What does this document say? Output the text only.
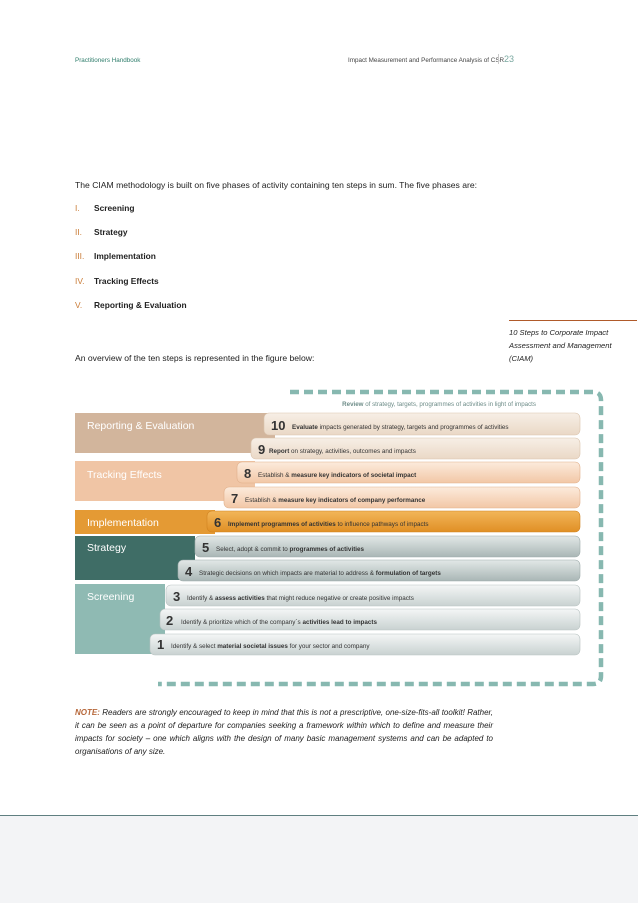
Practitioners Handbook	Impact Measurement and Performance Analysis of CSR 23
The CIAM methodology is built on five phases of activity containing ten steps in sum. The five phases are:
I. Screening
II. Strategy
III. Implementation
IV. Tracking Effects
V. Reporting & Evaluation
10 Steps to Corporate Impact
Assessment and Management
(CIAM)
An overview of the ten steps is represented in the figure below:
Reporting & Evaluation
Tracking Effects
Implementation
Strategy
Screening
Review of strategy, targets, programmes of activities in light of impacts
1 Identify & select material societal issues for your sector and company
2 Identify & prioritize which of the company´s activities lead to impacts
3 Identify & assess activities that might reduce negative or create positive impacts
4 Strategic decisions on which impacts are material to address & formulation of targets
5 Select, adopt & commit to programmes of activities
6 Implement programmes of activities to influence pathways of impacts
7 Establish & measure key indicators of company performance
8 Establish & measure key indicators of societal impact
9 Report on strategy, activities, outcomes and impacts
10 Evaluate impacts generated by strategy, targets and programmes of activities
NOTE: Readers are strongly encouraged to keep in mind that this is not a prescriptive, one-size-fits-all toolkit! Rather, it can be seen as a point of departure for companies seeking a framework within which to define and measure their impacts for society – one which aligns with the design of many basic management systems and can be adapted to organisations of any size.
